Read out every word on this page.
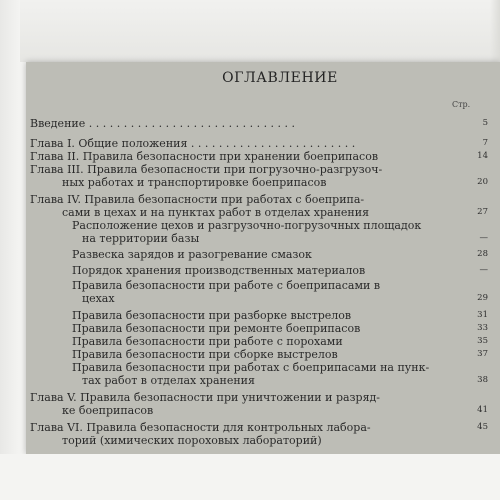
ОГЛАВЛЕНИЕ
Стр.
Введение . . . . . . . . . . . . . . . . . . . . . . . . . . . . . .	5
Глава I. Общие положения . . . . . . . . . . . . . . . . . . . . . . . .	7
Глава II. Правила безопасности при хранении боеприпасов	14
Глава III. Правила безопасности при погрузочно-разгрузоч-
ных работах и транспортировке боеприпасов	20
Глава IV. Правила безопасности при работах с боеприпа-
сами в цехах и на пунктах работ в отделах хранения	27
Расположение цехов и разгрузочно-погрузочных площадок
на территории базы	—
Развеска зарядов и разогревание смазок	28
Порядок хранения производственных материалов	—
Правила безопасности при работе с боеприпасами в
цехах	29
Правила безопасности при разборке выстрелов	31
Правила безопасности при ремонте боеприпасов	33
Правила безопасности при работе с порохами	35
Правила безопасности при сборке выстрелов	37
Правила безопасности при работах с боеприпасами на пунк-
тах работ в отделах хранения	38
Глава V. Правила безопасности при уничтожении и разряд-
ке боеприпасов	41
Глава VI. Правила безопасности для контрольных лабора-	45
торий (химических пороховых лабораторий)
